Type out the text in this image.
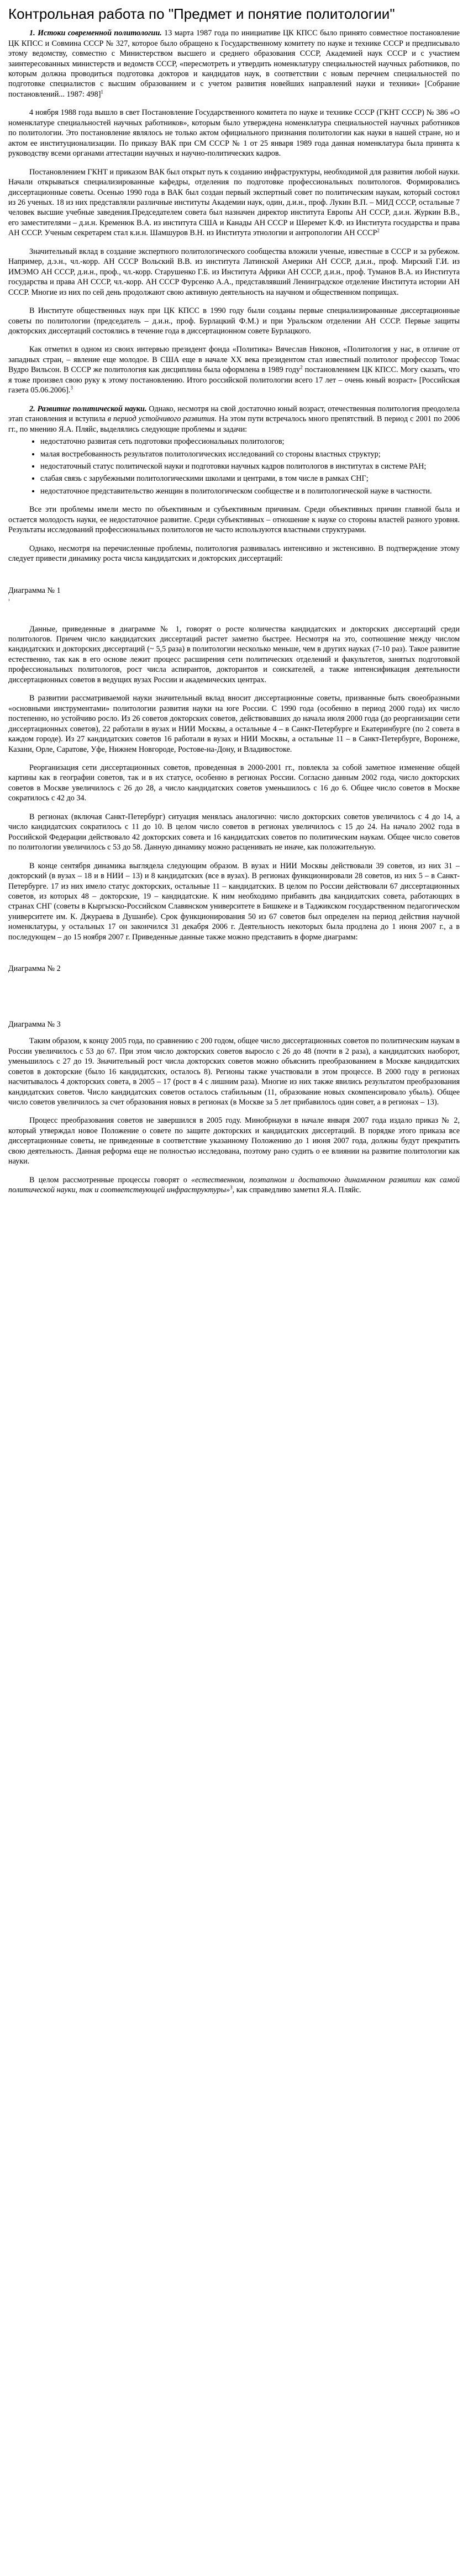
Контрольная работа по "Предмет и понятие политологии"

1. Истоки современной политологии. 13 марта 1987 года по инициативе ЦК КПСС было принято совместное постановление ЦК КПСС и Совмина СССР № 327, которое было обращено к Государственному комитету по науке и технике СССР и предписывало этому ведомству, совместно с Министерством высшего и среднего образования СССР, Академией наук СССР и с участием заинтересованных министерств и ведомств СССР, «пересмотреть и утвердить номенклатуру специальностей научных работников, по которым должна проводиться подготовка докторов и кандидатов наук, в соответствии с новым перечнем специальностей по подготовке специалистов с высшим образованием и с учетом развития новейших направлений науки и техники» [Собрание постановлений... 1987: 498]$^1$

4 ноября 1988 года вышло в свет Постановление Государственного комитета по науке и технике СССР (ГКНТ СССР) № 386 «О номенклатуре специальностей научных работников», которым было утверждена номенклатура специальностей научных работников по политологии. Это постановление являлось не только актом официального признания политологии как науки в нашей стране, но и актом ее институционализации. По приказу ВАК при СМ СССР № 1 от 25 января 1989 года данная номенклатура была принята к руководству всеми органами аттестации научных и научно-политических кадров.

Постановлением ГКНТ и приказом ВАК был открыт путь к созданию инфраструктуры, необходимой для развития любой науки. Начали открываться специализированные кафедры, отделения по подготовке профессиональных политологов. Формировались диссертационные советы. Осенью 1990 года в ВАК был создан первый экспертный совет по политическим наукам, который состоял из 26 ученых. 18 из них представляли различные институты Академии наук, один, д.и.н., проф. Лукин В.П. – МИД СССР, остальные 7 человек высшие учебные заведения.Председателем совета был назначен директор института Европы АН СССР, д.и.н. Журкин В.В., его заместителями – д.и.н. Кременюк В.А. из института США и Канады АН СССР и Шеремет К.Ф. из Института государства и права АН СССР. Ученым секретарем стал к.и.н. Шамшуров В.Н. из Института этнологии и антропологии АН СССР$^2$

Значительный вклад в создание экспертного политологического сообщества вложили ученые, известные в СССР и за рубежом. Например, д.э.н., чл.-корр. АН СССР Вольский В.В. из института Латинской Америки АН СССР, д.и.н., проф. Мирский Г.И. из ИМЭМО АН СССР, д.и.н., проф., чл.-корр. Старушенко Г.Б. из Института Африки АН СССР, д.и.н., проф. Туманов В.А. из Института государства и права АН СССР, чл.-корр. АН СССР Фурсенко А.А., представлявший Ленинградское отделение Института истории АН СССР. Многие из них по сей день продолжают свою активную деятельность на научном и общественном поприщах.

В Институте общественных наук при ЦК КПСС в 1990 году были созданы первые специализированные диссертационные советы по политологии (председатель – д.и.н., проф. Бурлацкий Ф.М.) и при Уральском отделении АН СССР. Первые защиты докторских диссертаций состоялись в течение года в диссертационном совете Бурлацкого.

Как отметил в одном из своих интервью президент фонда «Политика» Вячеслав Никонов, «Политология у нас, в отличие от западных стран, – явление еще молодое. В США еще в начале XX века президентом стал известный политолог профессор Томас Вудро Вильсон. В СССР же политология как дисциплина была оформлена в 1989 году$^2$ постановлением ЦК КПСС. Могу сказать, что я тоже произвел свою руку к этому постановлению. Итого российской политологии всего 17 лет – очень юный возраст» [Российская газета 05.06.2006].$^3$

2. Развитие политической науки. Однако, несмотря на свой достаточно юный возраст, отечественная политология преодолела этап становления и вступила в период устойчивого развития. На этом пути встречалось много препятствий. В период с 2001 по 2006 гг., по мнению Я.А. Пляйс, выделялись следующие проблемы и задачи:

• недостаточно развитая сеть подготовки профессиональных политологов;
• малая востребованность результатов политологических исследований со стороны властных структур;
• недостаточный статус политической науки и подготовки научных кадров политологов в институтах в системе РАН;
• слабая связь с зарубежными политологическими школами и центрами, в том числе в рамках СНГ;
• недостаточное представительство женщин в политологическом сообществе и в политологической науке в частности.

Все эти проблемы имели место по объективным и субъективным причинам. Среди объективных причин главной была и остается молодость науки, ее недостаточное развитие. Среди субъективных – отношение к науке со стороны властей разного уровня. Результаты исследований профессиональных политологов не часто используются властными структурами.

Однако, несмотря на перечисленные проблемы, политология развивалась интенсивно и экстенсивно. В подтверждение этому следует привести динамику роста числа кандидатских и докторских диссертаций:

Диаграмма № 1
¹

Данные, приведенные в диаграмме № 1, говорят о росте количества кандидатских и докторских диссертаций среди политологов. Причем число кандидатских диссертаций растет заметно быстрее. Несмотря на это, соотношение между числом кандидатских и докторских диссертаций (~ 5,5 раза) в политологии несколько меньше, чем в других науках (7-10 раз). Такое развитие естественно, так как в его основе лежит процесс расширения сети политических отделений и факультетов, занятых подготовкой профессиональных политологов, рост числа аспирантов, докторантов и соискателей, а также интенсификация деятельности диссертационных советов в ведущих вузах России и академических центрах.

В развитии рассматриваемой науки значительный вклад вносит диссертационные советы, призванные быть своеобразными «основными инструментами» политологии развития науки на юге России. С 1990 года (особенно в период 2000 года) их число постепенно, но устойчиво росло. Из 26 советов докторских советов, действовавших до начала июля 2000 года (до реорганизации сети диссертационных советов), 22 работали в вузах и НИИ Москвы, а остальные 4 – в Санкт-Петербурге и Екатеринбурге (по 2 совета в каждом городе). Из 27 кандидатских советов 16 работали в вузах и НИИ Москвы, а остальные 11 – в Санкт-Петербурге, Воронеже, Казани, Орле, Саратове, Уфе, Нижнем Новгороде, Ростове-на-Дону, и Владивостоке.

Реорганизация сети диссертационных советов, проведенная в 2000-2001 гг., повлекла за собой заметное изменение общей картины как в географии советов, так и в их статусе, особенно в регионах России. Согласно данным 2002 года, число докторских советов в Москве увеличилось с 26 до 28, а число кандидатских советов уменьшилось с 16 до 6. Общее число советов в Москве сократилось с 42 до 34.

В регионах (включая Санкт-Петербург) ситуация менялась аналогично: число докторских советов увеличилось с 4 до 14, а число кандидатских сократилось с 11 до 10. В целом число советов в регионах увеличилось с 15 до 24. На начало 2002 года в Российской Федерации действовало 42 докторских совета и 16 кандидатских советов по политическим наукам. Общее число советов по политологии увеличилось с 53 до 58. Данную динамику можно расценивать не иначе, как положительную.

В конце сентября динамика выглядела следующим образом. В вузах и НИИ Москвы действовали 39 советов, из них 31 – докторский (в вузах – 18 и в НИИ – 13) и 8 кандидатских (все в вузах). В регионах функционировали 28 советов, из них 5 – в Санкт-Петербурге. 17 из них имело статус докторских, остальные 11 – кандидатских. В целом по России действовали 67 диссертационных советов, из которых 48 – докторские, 19 – кандидатские. К ним необходимо прибавить два кандидатских совета, работающих в странах СНГ (советы в Кыргызско-Российском Славянском университете в Бишкеке и в Таджикском государственном педагогическом университете им. К. Джураева в Душанбе). Срок функционирования 50 из 67 советов был определен на период действия научной номенклатуры, у остальных 17 он закончился 31 декабря 2006 г. Деятельность некоторых была продлена до 1 июня 2007 г., а в последующем – до 15 ноября 2007 г. Приведенные данные также можно представить в форме диаграмм:

Диаграмма № 2
Диаграмма № 3

Таким образом, к концу 2005 года, по сравнению с 200 годом, общее число диссертационных советов по политическим наукам в России увеличилось с 53 до 67. При этом число докторских советов выросло с 26 до 48 (почти в 2 раза), а кандидатских наоборот, уменьшилось с 27 до 19. Значительный рост числа докторских советов можно объяснить преобразованием в Москве кандидатских советов в докторские (было 16 кандидатских, осталось 8). Регионы также участвовали в этом процессе. В 2000 году в регионах насчитывалось 4 докторских совета, в 2005 – 17 (рост в 4 с лишним раза). Многие из них также явились результатом преобразования кандидатских советов. Число кандидатских советов осталось стабильным (11, образование новых скомпенсировало убыль). Общее число советов увеличилось за счет образования новых в регионах (в Москве за 5 лет прибавилось один совет, а в регионах – 13).

Процесс преобразования советов не завершился в 2005 году. Минобрнауки в начале января 2007 года издало приказ № 2, который утверждал новое Положение о совете по защите докторских и кандидатских диссертаций. В порядке этого приказа все диссертационные советы, не приведенные в соответствие указанному Положению до 1 июня 2007 года, должны будут прекратить свою деятельность. Данная реформа еще не полностью исследована, поэтому рано судить о ее влиянии на развитие политологии как науки.

В целом рассмотренные процессы говорят о «естественном, поэтапном и достаточно динамичном развитии как самой политической науки, так и соответствующей инфраструктуры»$^3$, как справедливо заметил Я.А. Пляйс.
